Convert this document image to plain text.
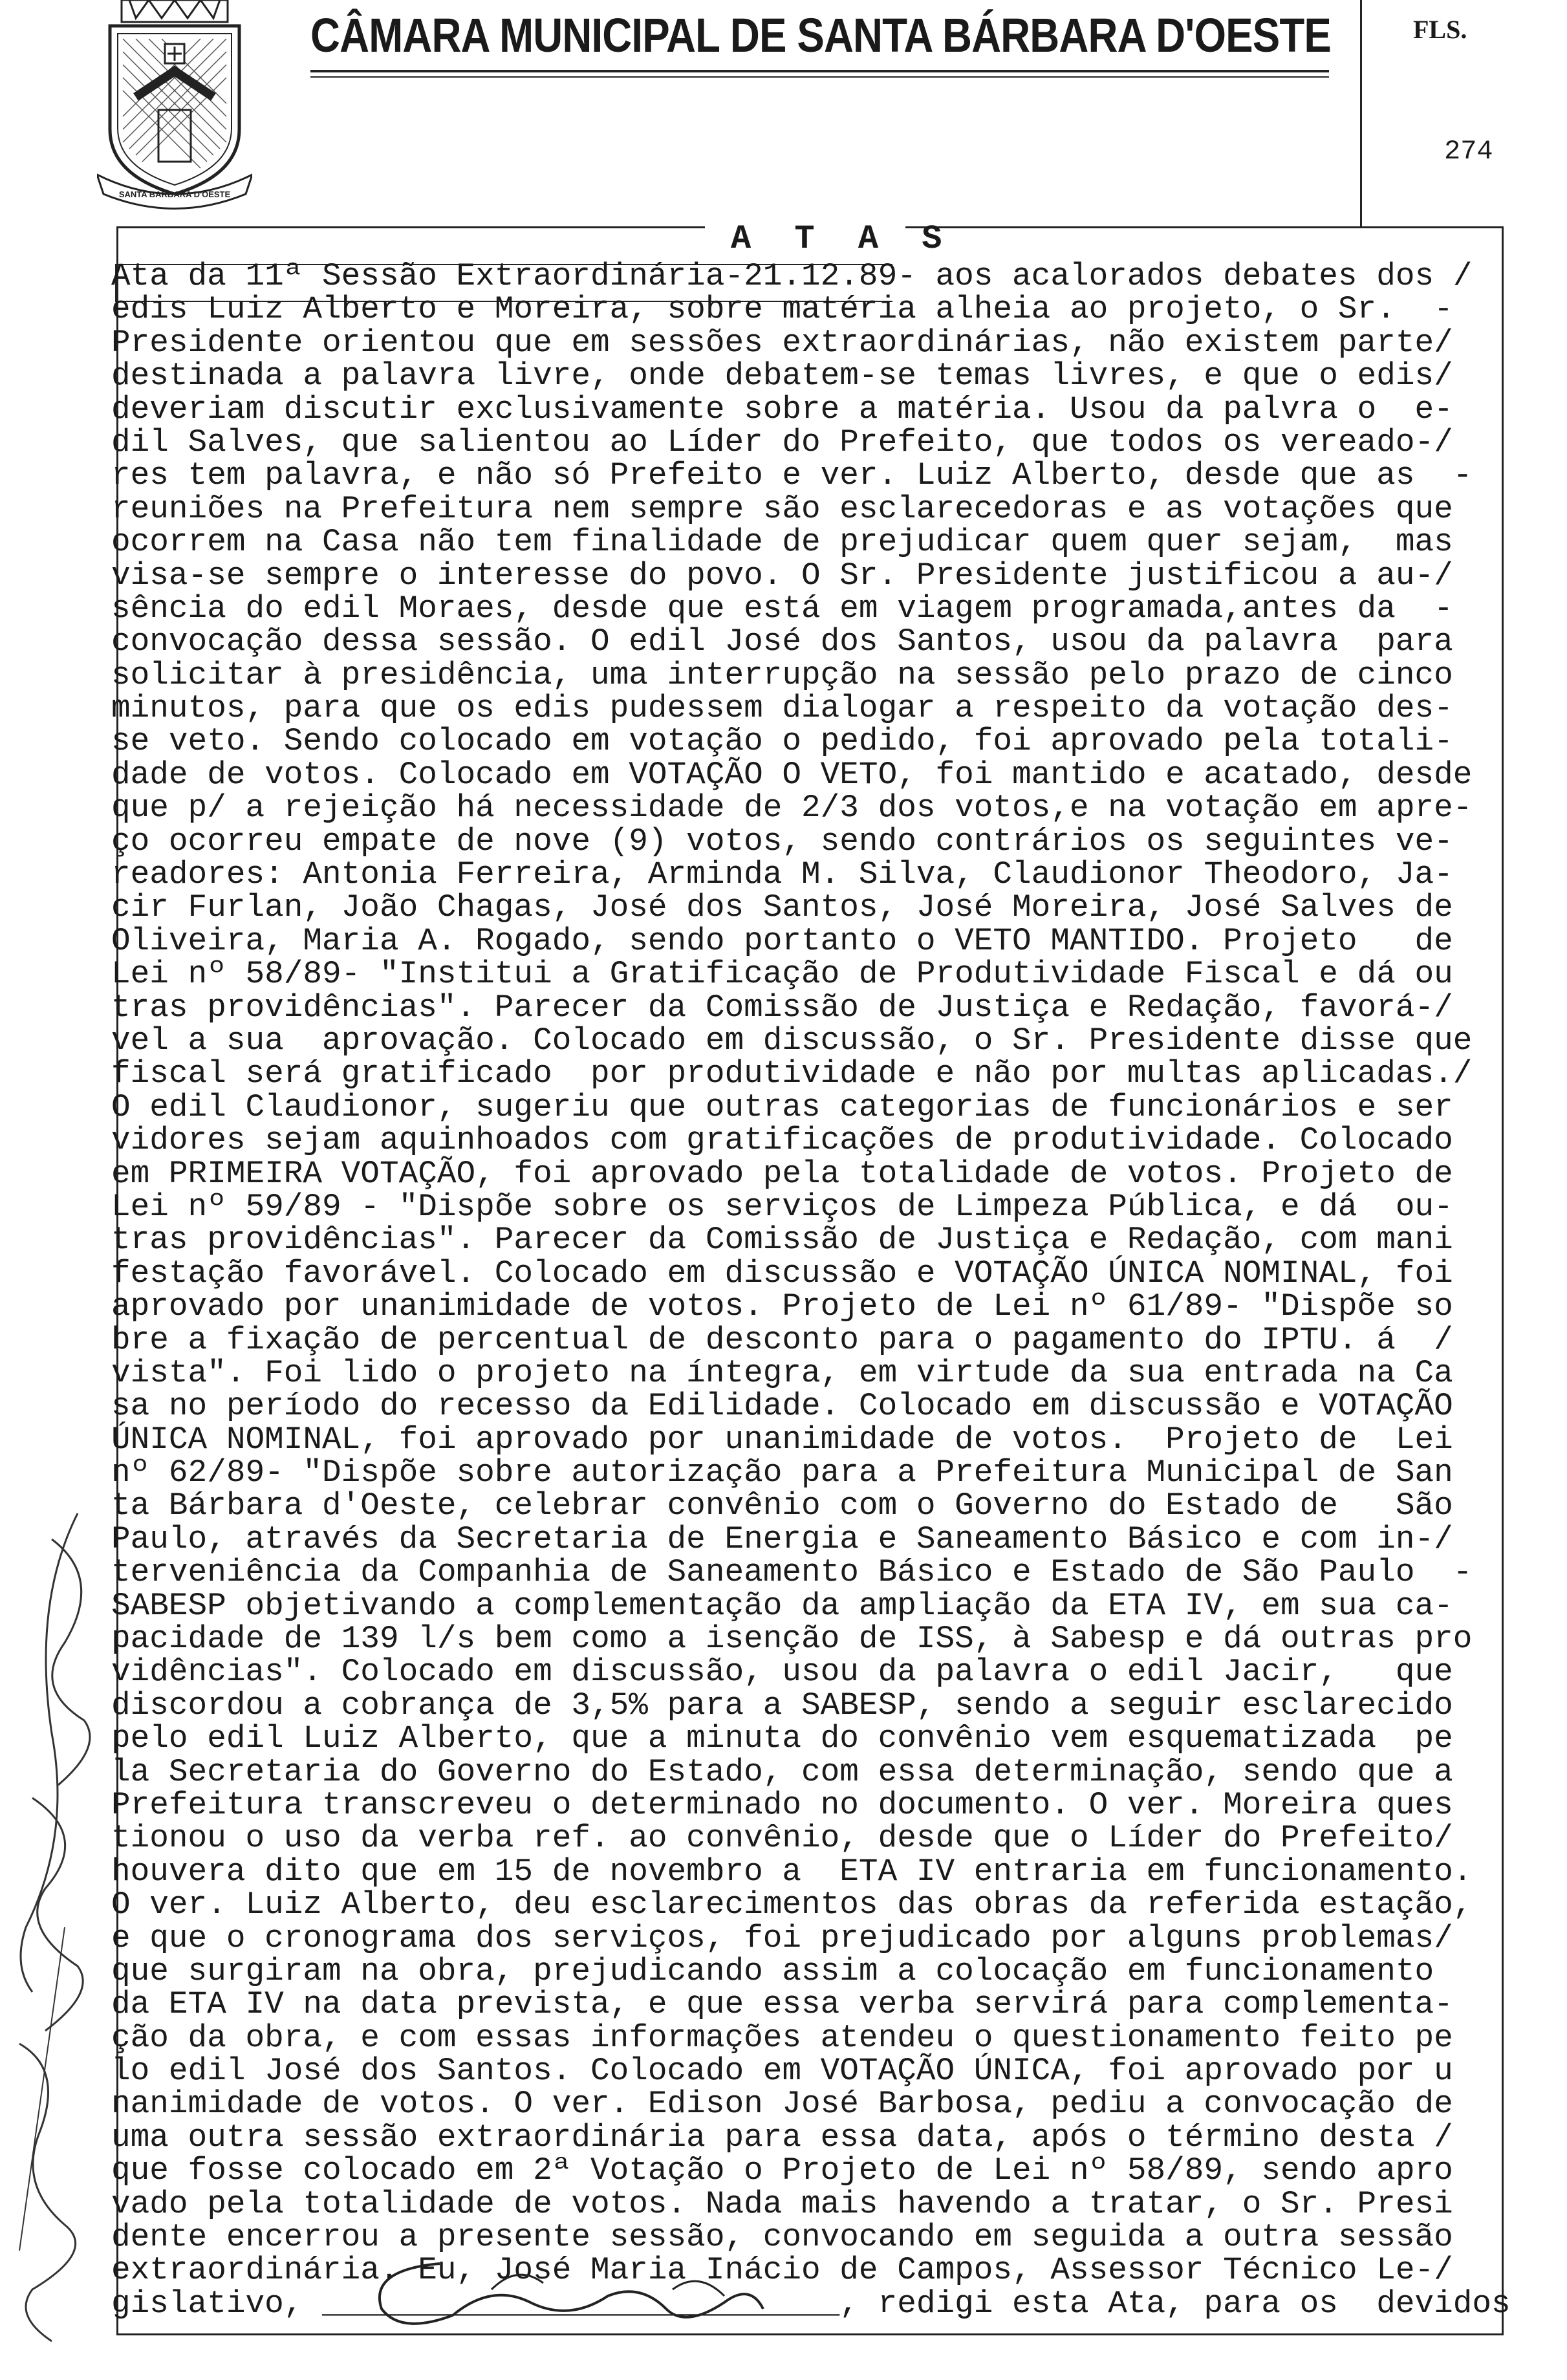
SANTA BARBARA D'OESTE
CÂMARA MUNICIPAL DE SANTA BÁRBARA D'OESTE	FLS.
274
A T A S
Ata da 11ª Sessão Extraordinária-21.12.89- aos acalorados debates dos /
edis Luiz Alberto e Moreira, sobre matéria alheia ao projeto, o Sr.  -
Presidente orientou que em sessões extraordinárias, não existem parte/
destinada a palavra livre, onde debatem-se temas livres, e que o edis/
deveriam discutir exclusivamente sobre a matéria. Usou da palvra o  e-
dil Salves, que salientou ao Líder do Prefeito, que todos os vereado-/
res tem palavra, e não só Prefeito e ver. Luiz Alberto, desde que as  -
reuniões na Prefeitura nem sempre são esclarecedoras e as votações que
ocorrem na Casa não tem finalidade de prejudicar quem quer sejam,  mas
visa-se sempre o interesse do povo. O Sr. Presidente justificou a au-/
sência do edil Moraes, desde que está em viagem programada,antes da  -
convocação dessa sessão. O edil José dos Santos, usou da palavra  para
solicitar à presidência, uma interrupção na sessão pelo prazo de cinco
minutos, para que os edis pudessem dialogar a respeito da votação des-
se veto. Sendo colocado em votação o pedido, foi aprovado pela totali-
dade de votos. Colocado em VOTAÇÃO O VETO, foi mantido e acatado, desde
que p/ a rejeição há necessidade de 2/3 dos votos,e na votação em apre-
ço ocorreu empate de nove (9) votos, sendo contrários os seguintes ve-
readores: Antonia Ferreira, Arminda M. Silva, Claudionor Theodoro, Ja-
cir Furlan, João Chagas, José dos Santos, José Moreira, José Salves de
Oliveira, Maria A. Rogado, sendo portanto o VETO MANTIDO. Projeto   de
Lei nº 58/89- "Institui a Gratificação de Produtividade Fiscal e dá ou
tras providências". Parecer da Comissão de Justiça e Redação, favorá-/
vel a sua  aprovação. Colocado em discussão, o Sr. Presidente disse que
fiscal será gratificado  por produtividade e não por multas aplicadas./
O edil Claudionor, sugeriu que outras categorias de funcionários e ser
vidores sejam aquinhoados com gratificações de produtividade. Colocado
em PRIMEIRA VOTAÇÃO, foi aprovado pela totalidade de votos. Projeto de
Lei nº 59/89 - "Dispõe sobre os serviços de Limpeza Pública, e dá  ou-
tras providências". Parecer da Comissão de Justiça e Redação, com mani
festação favorável. Colocado em discussão e VOTAÇÃO ÚNICA NOMINAL, foi
aprovado por unanimidade de votos. Projeto de Lei nº 61/89- "Dispõe so
bre a fixação de percentual de desconto para o pagamento do IPTU. á  /
vista". Foi lido o projeto na íntegra, em virtude da sua entrada na Ca
sa no período do recesso da Edilidade. Colocado em discussão e VOTAÇÃO
ÚNICA NOMINAL, foi aprovado por unanimidade de votos.  Projeto de  Lei
nº 62/89- "Dispõe sobre autorização para a Prefeitura Municipal de San
ta Bárbara d'Oeste, celebrar convênio com o Governo do Estado de   São
Paulo, através da Secretaria de Energia e Saneamento Básico e com in-/
terveniência da Companhia de Saneamento Básico e Estado de São Paulo  -
SABESP objetivando a complementação da ampliação da ETA IV, em sua ca-
pacidade de 139 l/s bem como a isenção de ISS, à Sabesp e dá outras pro
vidências". Colocado em discussão, usou da palavra o edil Jacir,   que
discordou a cobrança de 3,5% para a SABESP, sendo a seguir esclarecido
pelo edil Luiz Alberto, que a minuta do convênio vem esquematizada  pe
la Secretaria do Governo do Estado, com essa determinação, sendo que a
Prefeitura transcreveu o determinado no documento. O ver. Moreira ques
tionou o uso da verba ref. ao convênio, desde que o Líder do Prefeito/
houvera dito que em 15 de novembro a  ETA IV entraria em funcionamento.
O ver. Luiz Alberto, deu esclarecimentos das obras da referida estação,
e que o cronograma dos serviços, foi prejudicado por alguns problemas/
que surgiram na obra, prejudicando assim a colocação em funcionamento
da ETA IV na data prevista, e que essa verba servirá para complementa-
ção da obra, e com essas informações atendeu o questionamento feito pe
lo edil José dos Santos. Colocado em VOTAÇÃO ÚNICA, foi aprovado por u
nanimidade de votos. O ver. Edison José Barbosa, pediu a convocação de
uma outra sessão extraordinária para essa data, após o término desta /
que fosse colocado em 2ª Votação o Projeto de Lei nº 58/89, sendo apro
vado pela totalidade de votos. Nada mais havendo a tratar, o Sr. Presi
dente encerrou a presente sessão, convocando em seguida a outra sessão
extraordinária. Eu, José Maria Inácio de Campos, Assessor Técnico Le-/
gislativo, ___________________________, redigi esta Ata, para os  devidos
